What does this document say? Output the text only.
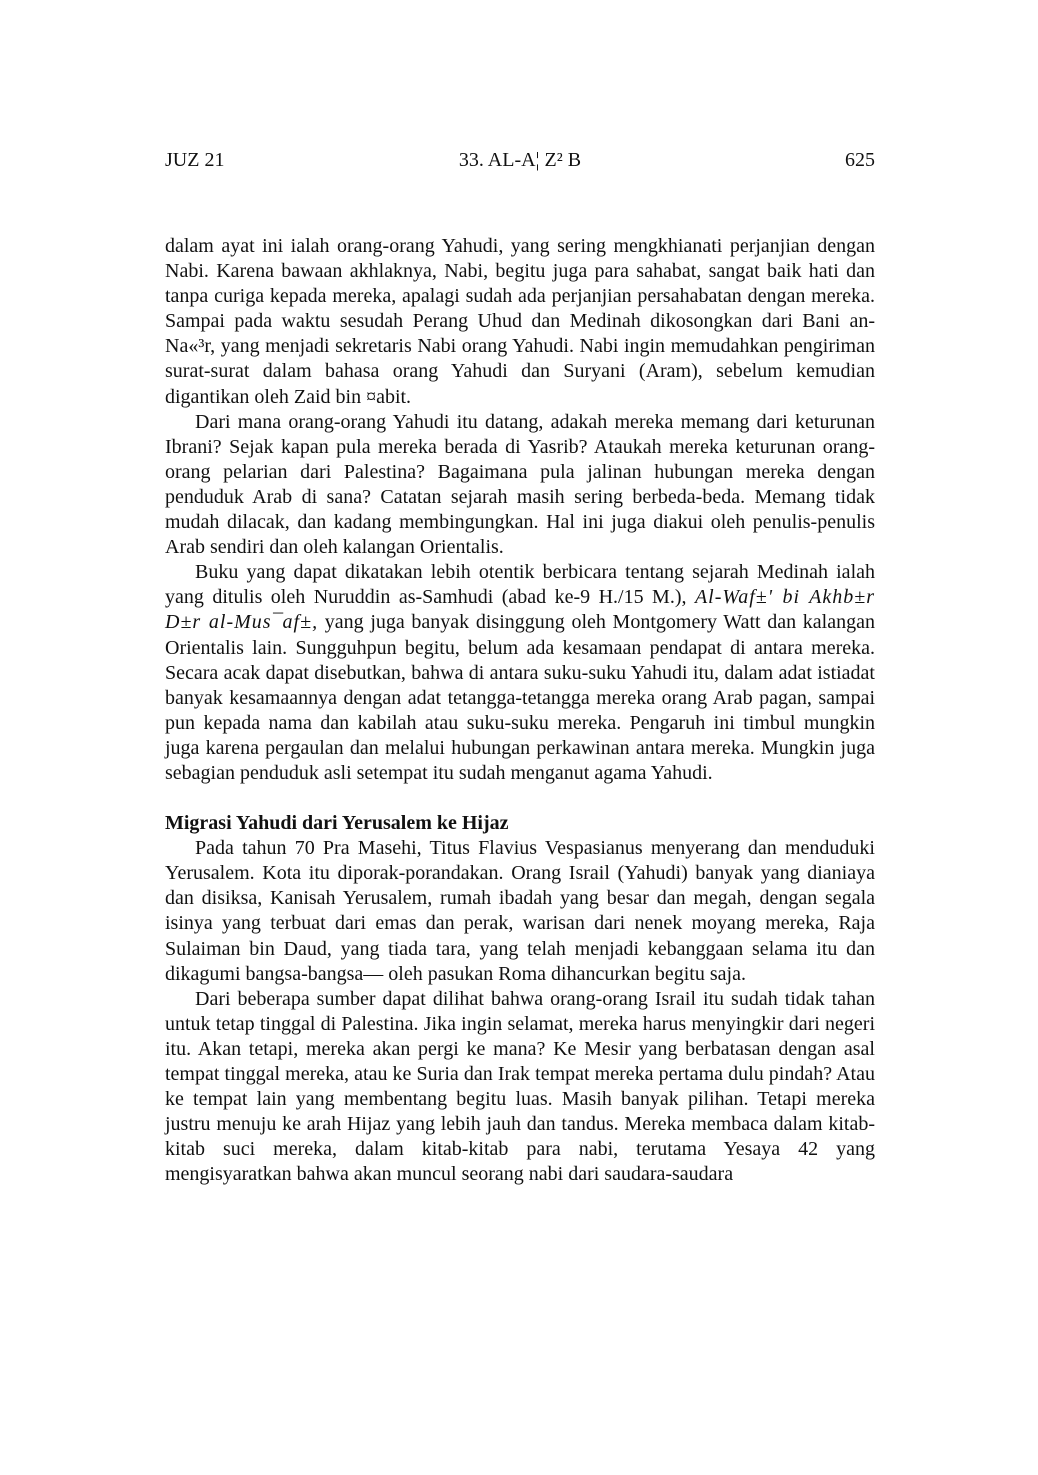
JUZ 21	33. AL-A¦ Z² B	625

dalam ayat ini ialah orang-orang Yahudi, yang sering mengkhianati perjanjian dengan Nabi. Karena bawaan akhlaknya, Nabi, begitu juga para sahabat, sangat baik hati dan tanpa curiga kepada mereka, apalagi sudah ada perjanjian persahabatan dengan mereka. Sampai pada waktu sesudah Perang Uhud dan Medinah dikosongkan dari Bani an-Na«³r, yang menjadi sekretaris Nabi orang Yahudi. Nabi ingin memudahkan pengiriman surat-surat dalam bahasa orang Yahudi dan Suryani (Aram), sebelum kemudian digantikan oleh Zaid bin ¤abit.

Dari mana orang-orang Yahudi itu datang, adakah mereka memang dari keturunan Ibrani? Sejak kapan pula mereka berada di Yasrib? Ataukah mereka keturunan orang-orang pelarian dari Palestina? Bagaimana pula jalinan hubungan mereka dengan penduduk Arab di sana? Catatan sejarah masih sering berbeda-beda. Memang tidak mudah dilacak, dan kadang membingungkan. Hal ini juga diakui oleh penulis-penulis Arab sendiri dan oleh kalangan Orientalis.

Buku yang dapat dikatakan lebih otentik berbicara tentang sejarah Medinah ialah yang ditulis oleh Nuruddin as-Samhudi (abad ke-9 H./15 M.), Al-Waf±' bi Akhb±r D±r al-Mus¯af±, yang juga banyak disinggung oleh Montgomery Watt dan kalangan Orientalis lain. Sungguhpun begitu, belum ada kesamaan pendapat di antara mereka. Secara acak dapat disebutkan, bahwa di antara suku-suku Yahudi itu, dalam adat istiadat banyak kesamaannya dengan adat tetangga-tetangga mereka orang Arab pagan, sampai pun kepada nama dan kabilah atau suku-suku mereka. Pengaruh ini timbul mungkin juga karena pergaulan dan melalui hubungan perkawinan antara mereka. Mungkin juga sebagian penduduk asli setempat itu sudah menganut agama Yahudi.

Migrasi Yahudi dari Yerusalem ke Hijaz

Pada tahun 70 Pra Masehi, Titus Flavius Vespasianus menyerang dan menduduki Yerusalem. Kota itu diporak-porandakan. Orang Israil (Yahudi) banyak yang dianiaya dan disiksa, Kanisah Yerusalem, rumah ibadah yang besar dan megah, dengan segala isinya yang terbuat dari emas dan perak, warisan dari nenek moyang mereka, Raja Sulaiman bin Daud, yang tiada tara, yang telah menjadi kebanggaan selama itu dan dikagumi bangsa-bangsa— oleh pasukan Roma dihancurkan begitu saja.

Dari beberapa sumber dapat dilihat bahwa orang-orang Israil itu sudah tidak tahan untuk tetap tinggal di Palestina. Jika ingin selamat, mereka harus menyingkir dari negeri itu. Akan tetapi, mereka akan pergi ke mana? Ke Mesir yang berbatasan dengan asal tempat tinggal mereka, atau ke Suria dan Irak tempat mereka pertama dulu pindah? Atau ke tempat lain yang membentang begitu luas. Masih banyak pilihan. Tetapi mereka justru menuju ke arah Hijaz yang lebih jauh dan tandus. Mereka membaca dalam kitab-kitab suci mereka, dalam kitab-kitab para nabi, terutama Yesaya 42 yang mengisyaratkan bahwa akan muncul seorang nabi dari saudara-saudara
